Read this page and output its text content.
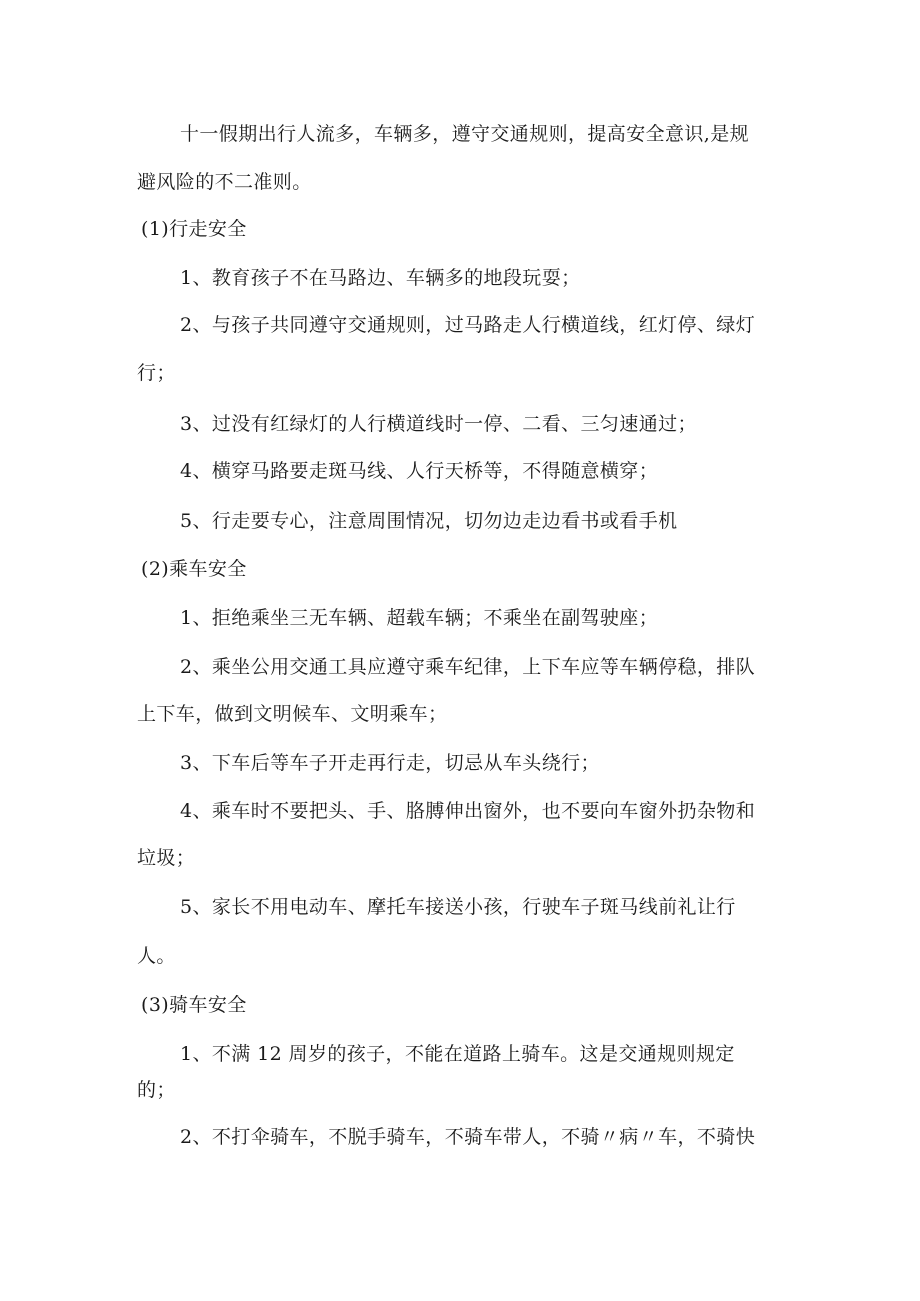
十一假期出行人流多，车辆多，遵守交通规则，提高安全意识,是规
避风险的不二准则。
(1)行走安全
1、教育孩子不在马路边、车辆多的地段玩耍；
2、与孩子共同遵守交通规则，过马路走人行横道线，红灯停、绿灯
行；
3、过没有红绿灯的人行横道线时一停、二看、三匀速通过；
4、横穿马路要走斑马线、人行天桥等，不得随意横穿；
5、行走要专心，注意周围情况，切勿边走边看书或看手机
(2)乘车安全
1、拒绝乘坐三无车辆、超载车辆；不乘坐在副驾驶座；
2、乘坐公用交通工具应遵守乘车纪律，上下车应等车辆停稳，排队
上下车，做到文明候车、文明乘车；
3、下车后等车子开走再行走，切忌从车头绕行；
4、乘车时不要把头、手、胳膊伸出窗外，也不要向车窗外扔杂物和
垃圾；
5、家长不用电动车、摩托车接送小孩，行驶车子斑马线前礼让行
人。
(3)骑车安全
1、不满 12 周岁的孩子，不能在道路上骑车。这是交通规则规定
的；
2、不打伞骑车，不脱手骑车，不骑车带人，不骑〃病〃车，不骑快
